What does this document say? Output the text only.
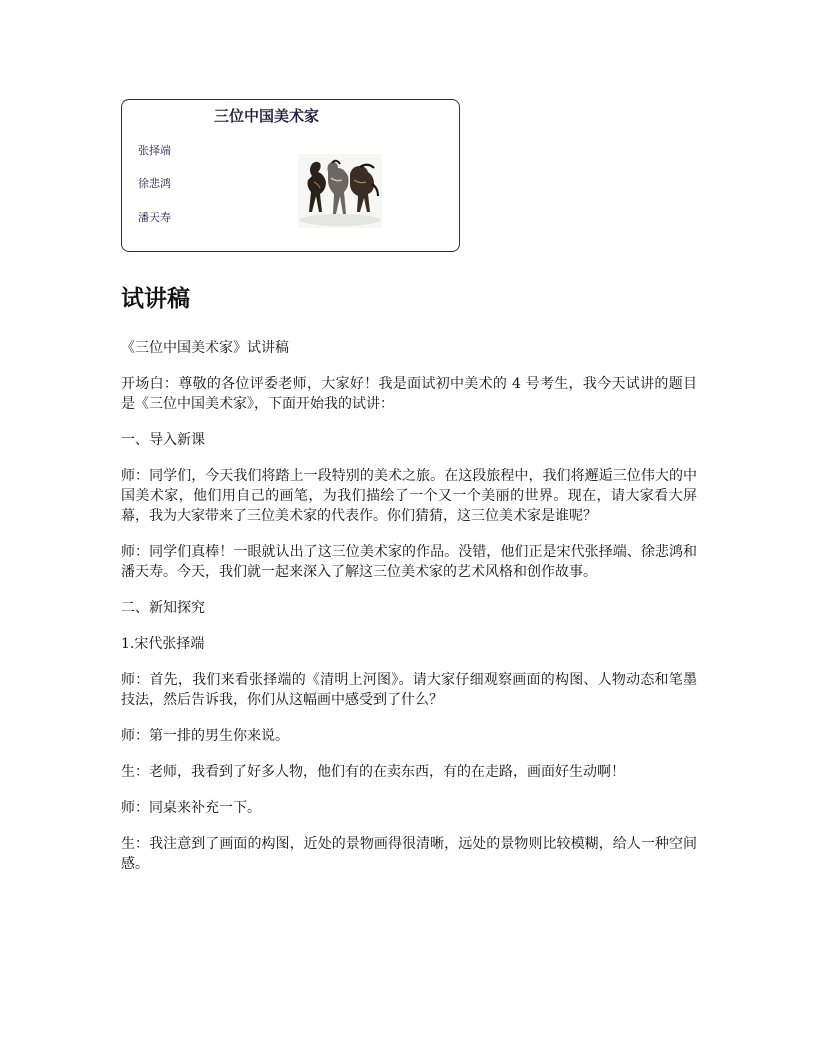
三位中国美术家
张择端
徐悲鸿
潘天寿
试讲稿

《三位中国美术家》试讲稿

开场白：尊敬的各位评委老师，大家好！我是面试初中美术的 4 号考生，我今天试讲的题目是《三位中国美术家》，下面开始我的试讲：

一、导入新课

师：同学们，今天我们将踏上一段特别的美术之旅。在这段旅程中，我们将邂逅三位伟大的中国美术家，他们用自己的画笔，为我们描绘了一个又一个美丽的世界。现在，请大家看大屏幕，我为大家带来了三位美术家的代表作。你们猜猜，这三位美术家是谁呢？

师：同学们真棒！一眼就认出了这三位美术家的作品。没错，他们正是宋代张择端、徐悲鸿和潘天寿。今天，我们就一起来深入了解这三位美术家的艺术风格和创作故事。

二、新知探究

1.宋代张择端

师：首先，我们来看张择端的《清明上河图》。请大家仔细观察画面的构图、人物动态和笔墨技法，然后告诉我，你们从这幅画中感受到了什么？

师：第一排的男生你来说。

生：老师，我看到了好多人物，他们有的在卖东西，有的在走路，画面好生动啊！

师：同桌来补充一下。

生：我注意到了画面的构图，近处的景物画得很清晰，远处的景物则比较模糊，给人一种空间感。
